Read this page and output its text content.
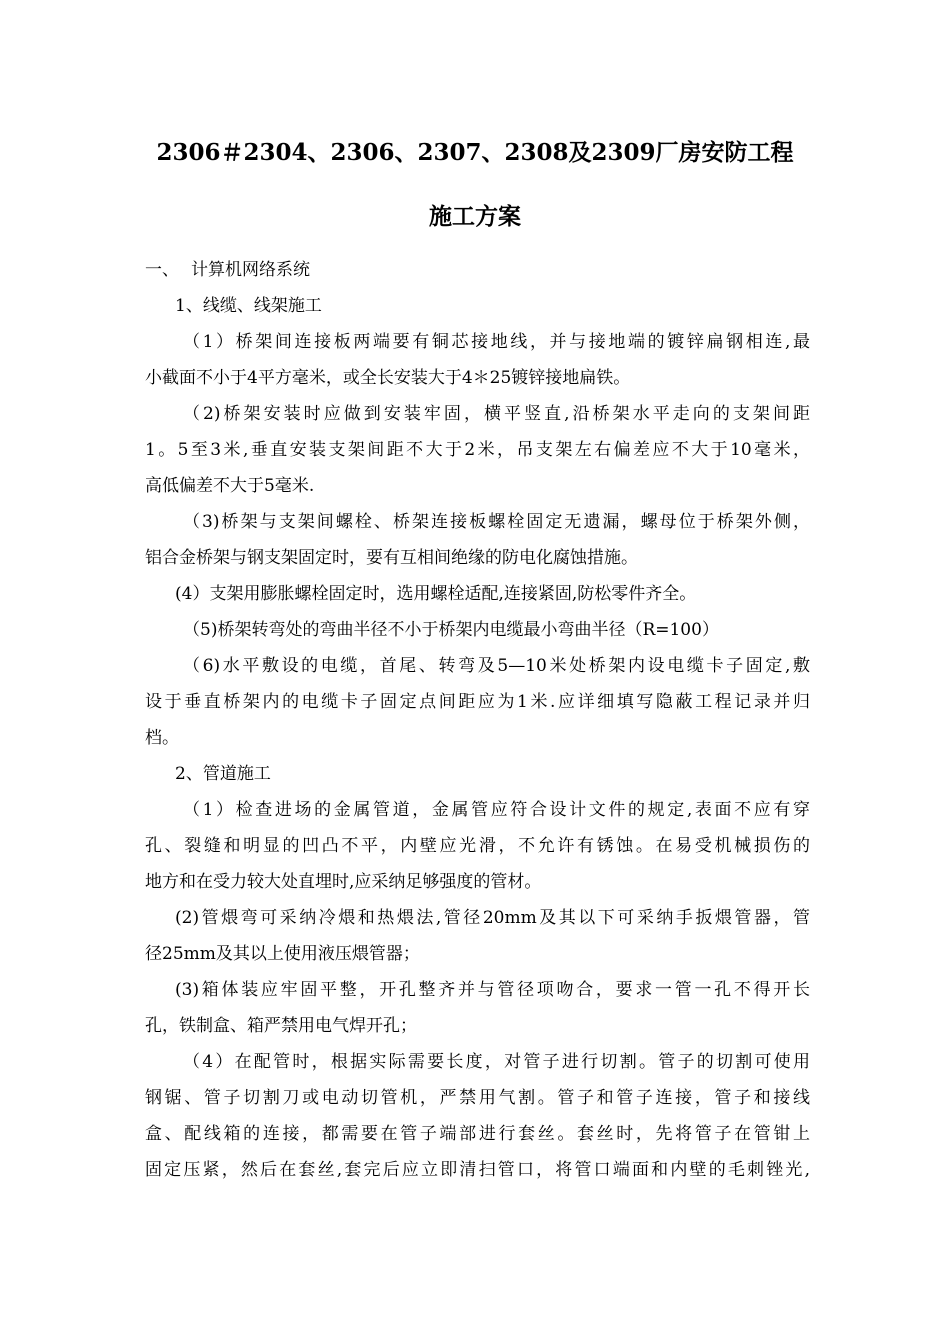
2306＃2304、2306、2307、2308及2309厂房安防工程
施工方案
一、 计算机网络系统
1、线缆、线架施工
（1）桥架间连接板两端要有铜芯接地线，并与接地端的镀锌扁钢相连,最
小截面不小于4平方毫米，或全长安装大于4＊25镀锌接地扁铁。
（2)桥架安装时应做到安装牢固，横平竖直,沿桥架水平走向的支架间距
1。5至3米,垂直安装支架间距不大于2米，吊支架左右偏差应不大于10毫米，
高低偏差不大于5毫米.
（3)桥架与支架间螺栓、桥架连接板螺栓固定无遗漏，螺母位于桥架外侧，
铝合金桥架与钢支架固定时，要有互相间绝缘的防电化腐蚀措施。
(4）支架用膨胀螺栓固定时，选用螺栓适配,连接紧固,防松零件齐全。
（5)桥架转弯处的弯曲半径不小于桥架内电缆最小弯曲半径（R=100）
（6)水平敷设的电缆，首尾、转弯及5—10米处桥架内设电缆卡子固定,敷
设于垂直桥架内的电缆卡子固定点间距应为1米.应详细填写隐蔽工程记录并归
档。
2、管道施工
（1）检查进场的金属管道，金属管应符合设计文件的规定,表面不应有穿
孔、裂缝和明显的凹凸不平，内壁应光滑，不允许有锈蚀。在易受机械损伤的
地方和在受力较大处直埋时,应采纳足够强度的管材。
(2)管煨弯可采纳冷煨和热煨法,管径20mm及其以下可采纳手扳煨管器，管
径25mm及其以上使用液压煨管器；
(3)箱体装应牢固平整，开孔整齐并与管径项吻合，要求一管一孔不得开长
孔，铁制盒、箱严禁用电气焊开孔；
（4）在配管时，根据实际需要长度，对管子进行切割。管子的切割可使用
钢锯、管子切割刀或电动切管机，严禁用气割。管子和管子连接，管子和接线
盒、配线箱的连接，都需要在管子端部进行套丝。套丝时，先将管子在管钳上
固定压紧，然后在套丝,套完后应立即清扫管口，将管口端面和内壁的毛刺锉光,
